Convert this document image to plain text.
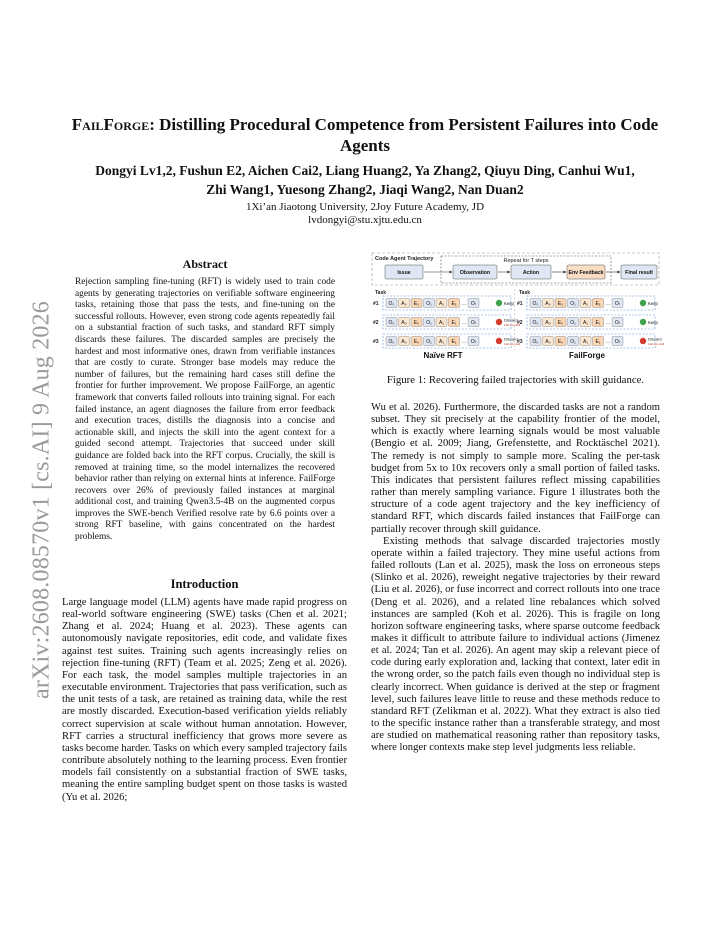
arXiv:2608.08570v1 [cs.AI] 9 Aug 2026
FailForge: Distilling Procedural Competence from Persistent Failures into Code Agents
Dongyi Lv1,2, Fushun E2, Aichen Cai2, Liang Huang2, Ya Zhang2, Qiuyu Ding, Canhui Wu1,
Zhi Wang1, Yuesong Zhang2, Jiaqi Wang2, Nan Duan2
1Xi’an Jiaotong University, 2Joy Future Academy, JD
lvdongyi@stu.xjtu.edu.cn
Abstract
Rejection sampling fine-tuning (RFT) is widely used to train code agents by generating trajectories on verifiable software engineering tasks, retaining those that pass the tests, and fine-tuning on the successful rollouts. However, even strong code agents repeatedly fail on a substantial fraction of such tasks, and standard RFT simply discards these failures. The discarded samples are precisely the hardest and most informative ones, drawn from verifiable instances that are costly to curate. Stronger base models may reduce the number of failures, but the remaining hard cases still define the frontier for further improvement. We propose FailForge, an agentic framework that converts failed rollouts into training signal. For each failed instance, an agent diagnoses the failure from error feedback and execution traces, distills the diagnosis into a concise and actionable skill, and injects the skill into the agent context for a guided second attempt. Trajectories that succeed under skill guidance are folded back into the RFT corpus. Crucially, the skill is removed at training time, so the model internalizes the recovered behavior rather than relying on external hints at inference. FailForge recovers over 26% of previously failed instances at marginal additional cost, and training Qwen3.5-4B on the augmented corpus improves the SWE-bench Verified resolve rate by 6.6 points over a strong RFT baseline, with gains concentrated on the hardest problems.
Introduction
Large language model (LLM) agents have made rapid progress on real-world software engineering (SWE) tasks (Chen et al. 2021; Zhang et al. 2024; Huang et al. 2023). These agents can autonomously navigate repositories, edit code, and validate fixes against test suites. Training such agents increasingly relies on rejection fine-tuning (RFT) (Team et al. 2025; Zeng et al. 2026). For each task, the model samples multiple trajectories in an executable environment. Trajectories that pass verification, such as the unit tests of a task, are retained as training data, while the rest are mostly discarded. Execution-based verification yields reliably correct supervision at scale without human annotation. However, RFT carries a structural inefficiency that grows more severe as tasks become harder. Tasks on which every sampled trajectory fails contribute absolutely nothing to the learning process. Even frontier models fail consistently on a substantial fraction of SWE tasks, meaning the entire sampling budget spent on those tasks is wasted (Yu et al. 2026;
Code Agent Trajectory	Repeat for T steps
Issue	Observation	Action	Env Feedback	Final result
Task	Task
#1 O₀ A₀ E₀ O₁ A₁ E₁ … Oₜ	Keep #1 O₀ A₀ E₀ O₁ A₁ E₁ … Oₜ	Keep
#2 O₀ A₀ E₀ O₁ A₁ E₁ … Oₜ	Discard
Fail w/o skill
#2 O₀ A₀ E₀ O₁ A₁ E₁ … Oₜ	Keep
#3 O₀ A₀ E₀ O₁ A₁ E₁ … Oₜ	Discard
Fail w/o skill
#3 O₀ A₀ E₀ O₁ A₁ E₁ … Oₜ	Discard
Fail w/o skill
Naïve RFT	FailForge
Figure 1: Recovering failed trajectories with skill guidance.

Wu et al. 2026). Furthermore, the discarded tasks are not a random subset. They sit precisely at the capability frontier of the model, which is exactly where learning signals would be most valuable (Bengio et al. 2009; Jiang, Grefenstette, and Rocktäschel 2021). The remedy is not simply to sample more. Scaling the per-task budget from 5x to 10x recovers only a small portion of failed tasks. This indicates that persistent failures reflect missing capabilities rather than merely sampling variance. Figure 1 illustrates both the structure of a code agent trajectory and the key inefficiency of standard RFT, which discards failed instances that FailForge can partially recover through skill guidance.

Existing methods that salvage discarded trajectories mostly operate within a failed trajectory. They mine useful actions from failed rollouts (Lan et al. 2025), mask the loss on erroneous steps (Slinko et al. 2026), reweight negative trajectories by their reward (Liu et al. 2026), or fuse incorrect and correct rollouts into one trace (Deng et al. 2026), and a related line rebalances which solved instances are sampled (Koh et al. 2026). This is fragile on long horizon software engineering tasks, where sparse outcome feedback makes it difficult to attribute failure to individual actions (Jimenez et al. 2024; Tan et al. 2026). An agent may skip a relevant piece of code during early exploration and, lacking that context, later edit in the wrong order, so the patch fails even though no individual step is clearly incorrect. When guidance is derived at the step or fragment level, such failures leave little to reuse and these methods reduce to standard RFT (Zelikman et al. 2022). What they extract is also tied to the specific instance rather than a transferable strategy, and most are studied on mathematical reasoning rather than repository tasks, where longer contexts make step level judgments less reliable.
